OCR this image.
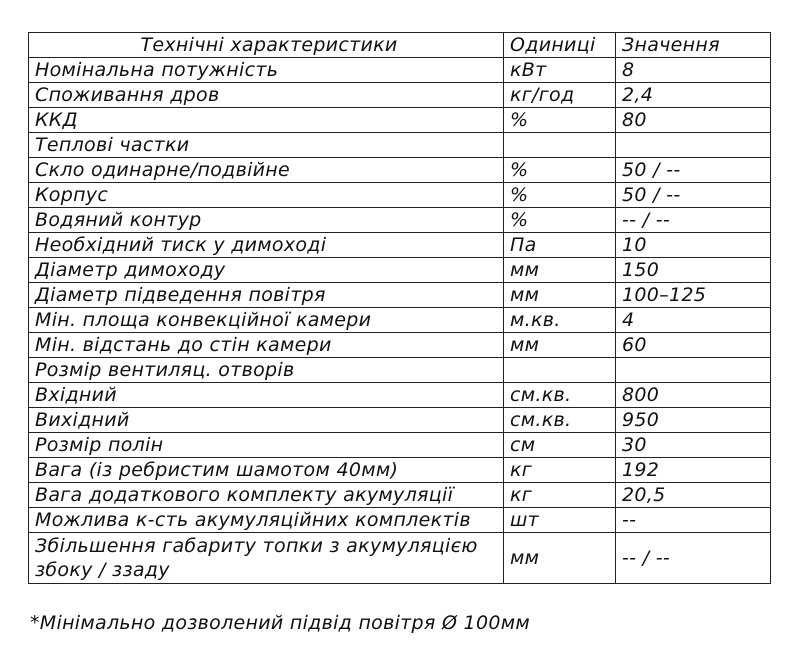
Технічні характеристики	Одиниці	Значення
Номінальна потужність	кВт	8
Споживання дров	кг/год	2,4
ККД	%	80
Теплові частки		
Скло одинарне/подвійне	%	50 / --
Корпус	%	50 / --
Водяний контур	%	-- / --
Необхідний тиск у димоході	Па	10
Діаметр димоходу	мм	150
Діаметр підведення повітря	мм	100–125
Мін. площа конвекційної камери	м.кв.	4
Мін. відстань до стін камери	мм	60
Розмір вентиляц. отворів		
Вхідний	см.кв.	800
Вихідний	см.кв.	950
Розмір полін	см	30
Вага (із ребристим шамотом 40мм)	кг	192
Вага додаткового комплекту акумуляції	кг	20,5
Можлива к-сть акумуляційних комплектів	шт	--
Збільшення габариту топки з акумуляцією збоку / ззаду	мм	-- / --
*Мінімально дозволений підвід повітря Ø 100мм
